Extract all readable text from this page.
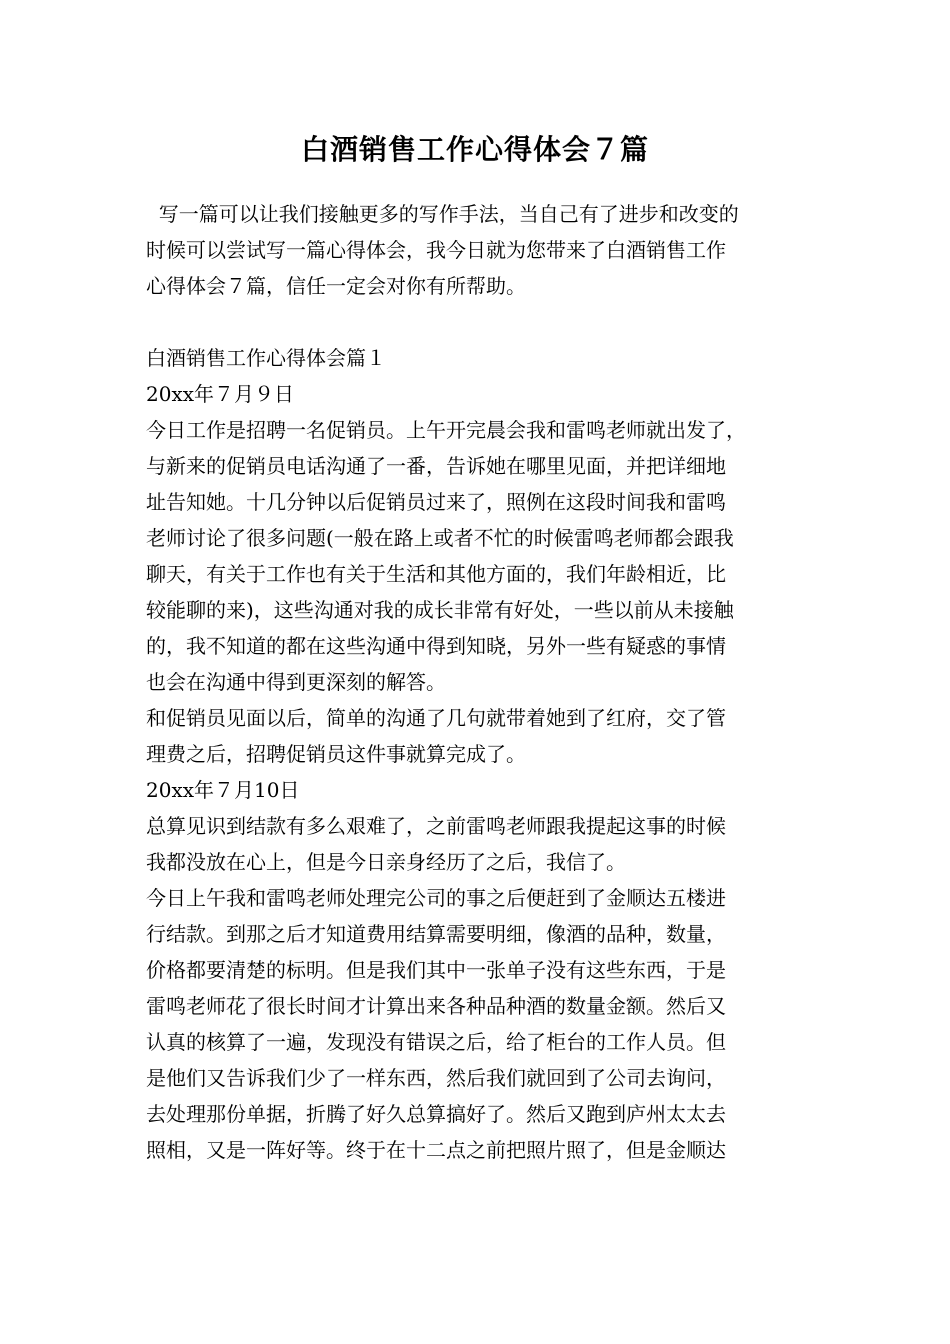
白酒销售工作心得体会７篇
写一篇可以让我们接触更多的写作手法，当自己有了进步和改变的
时候可以尝试写一篇心得体会，我今日就为您带来了白酒销售工作
心得体会７篇，信任一定会对你有所帮助。
白酒销售工作心得体会篇１
20xx年７月９日
今日工作是招聘一名促销员。上午开完晨会我和雷鸣老师就出发了，
与新来的促销员电话沟通了一番，告诉她在哪里见面，并把详细地
址告知她。十几分钟以后促销员过来了，照例在这段时间我和雷鸣
老师讨论了很多问题(一般在路上或者不忙的时候雷鸣老师都会跟我
聊天，有关于工作也有关于生活和其他方面的，我们年龄相近，比
较能聊的来)，这些沟通对我的成长非常有好处，一些以前从未接触
的，我不知道的都在这些沟通中得到知晓，另外一些有疑惑的事情
也会在沟通中得到更深刻的解答。
和促销员见面以后，简单的沟通了几句就带着她到了红府，交了管
理费之后，招聘促销员这件事就算完成了。
20xx年７月10日
总算见识到结款有多么艰难了，之前雷鸣老师跟我提起这事的时候
我都没放在心上，但是今日亲身经历了之后，我信了。
今日上午我和雷鸣老师处理完公司的事之后便赶到了金顺达五楼进
行结款。到那之后才知道费用结算需要明细，像酒的品种，数量，
价格都要清楚的标明。但是我们其中一张单子没有这些东西，于是
雷鸣老师花了很长时间才计算出来各种品种酒的数量金额。然后又
认真的核算了一遍，发现没有错误之后，给了柜台的工作人员。但
是他们又告诉我们少了一样东西，然后我们就回到了公司去询问，
去处理那份单据，折腾了好久总算搞好了。然后又跑到庐州太太去
照相，又是一阵好等。终于在十二点之前把照片照了，但是金顺达
